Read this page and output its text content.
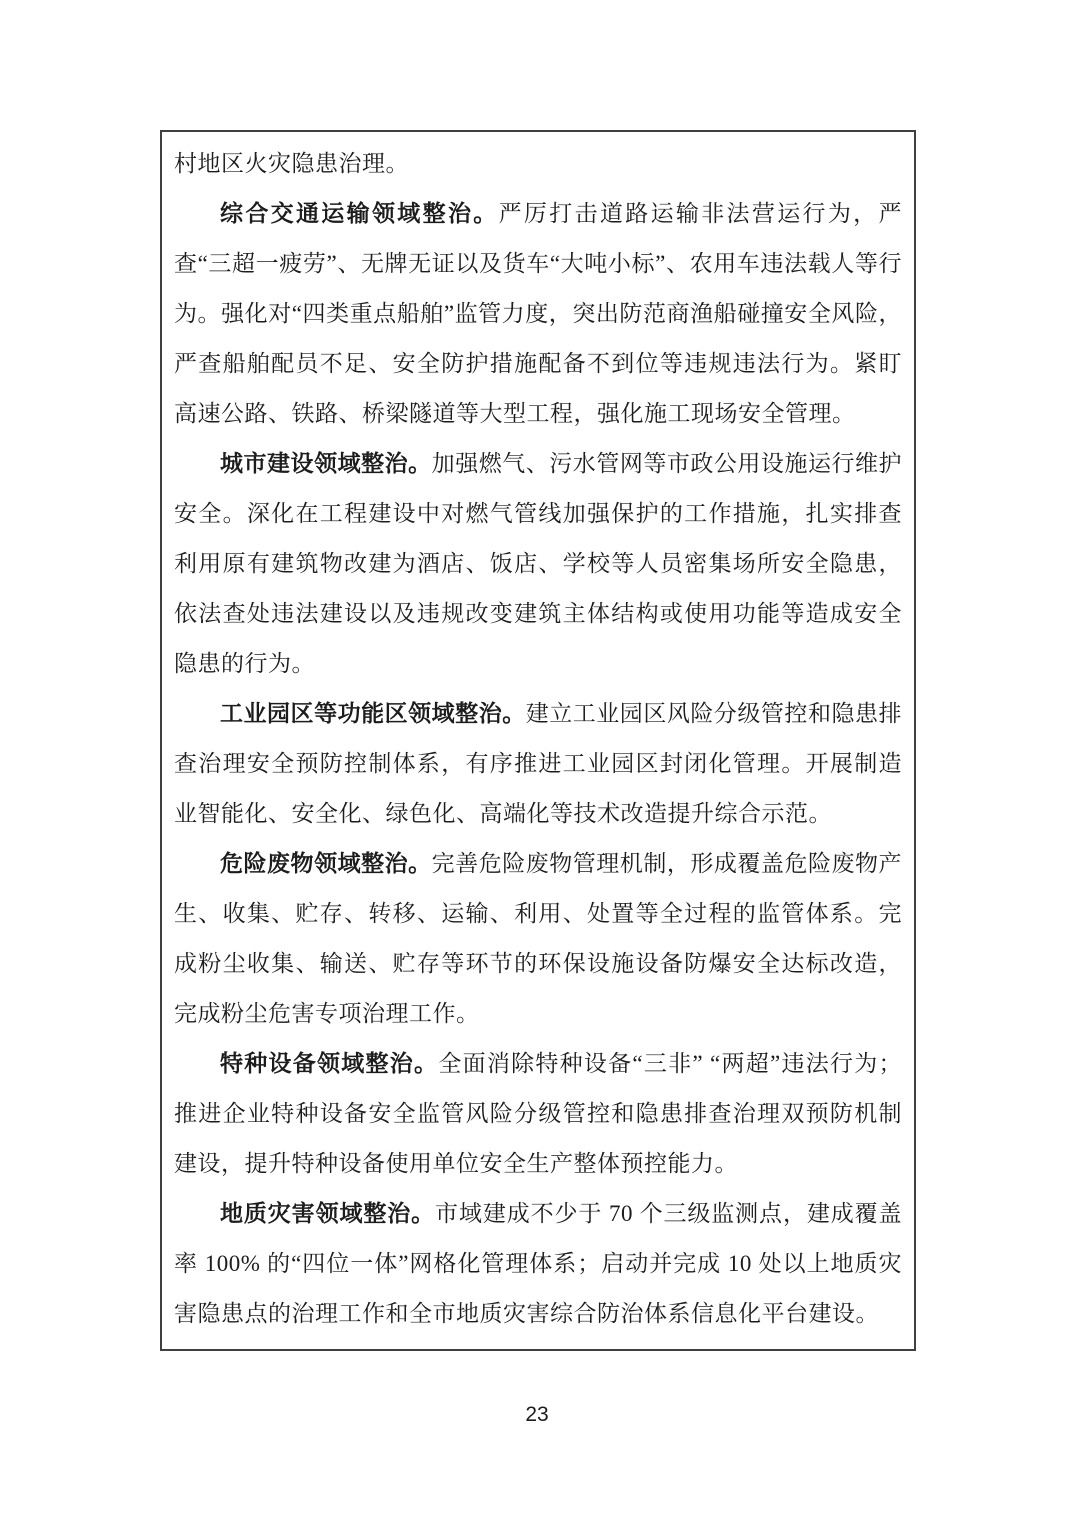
村地区火灾隐患治理。

综合交通运输领域整治。严厉打击道路运输非法营运行为，严查“三超一疲劳”、无牌无证以及货车“大吨小标”、农用车违法载人等行为。强化对“四类重点船舶”监管力度，突出防范商渔船碰撞安全风险，严查船舶配员不足、安全防护措施配备不到位等违规违法行为。紧盯高速公路、铁路、桥梁隧道等大型工程，强化施工现场安全管理。

城市建设领域整治。加强燃气、污水管网等市政公用设施运行维护安全。深化在工程建设中对燃气管线加强保护的工作措施，扎实排查利用原有建筑物改建为酒店、饭店、学校等人员密集场所安全隐患，依法查处违法建设以及违规改变建筑主体结构或使用功能等造成安全隐患的行为。

工业园区等功能区领域整治。建立工业园区风险分级管控和隐患排查治理安全预防控制体系，有序推进工业园区封闭化管理。开展制造业智能化、安全化、绿色化、高端化等技术改造提升综合示范。

危险废物领域整治。完善危险废物管理机制，形成覆盖危险废物产生、收集、贮存、转移、运输、利用、处置等全过程的监管体系。完成粉尘收集、输送、贮存等环节的环保设施设备防爆安全达标改造，完成粉尘危害专项治理工作。

特种设备领域整治。全面消除特种设备“三非” “两超”违法行为；推进企业特种设备安全监管风险分级管控和隐患排查治理双预防机制建设，提升特种设备使用单位安全生产整体预控能力。

地质灾害领域整治。市域建成不少于 70 个三级监测点，建成覆盖率 100% 的“四位一体”网格化管理体系；启动并完成 10 处以上地质灾害隐患点的治理工作和全市地质灾害综合防治体系信息化平台建设。

23
